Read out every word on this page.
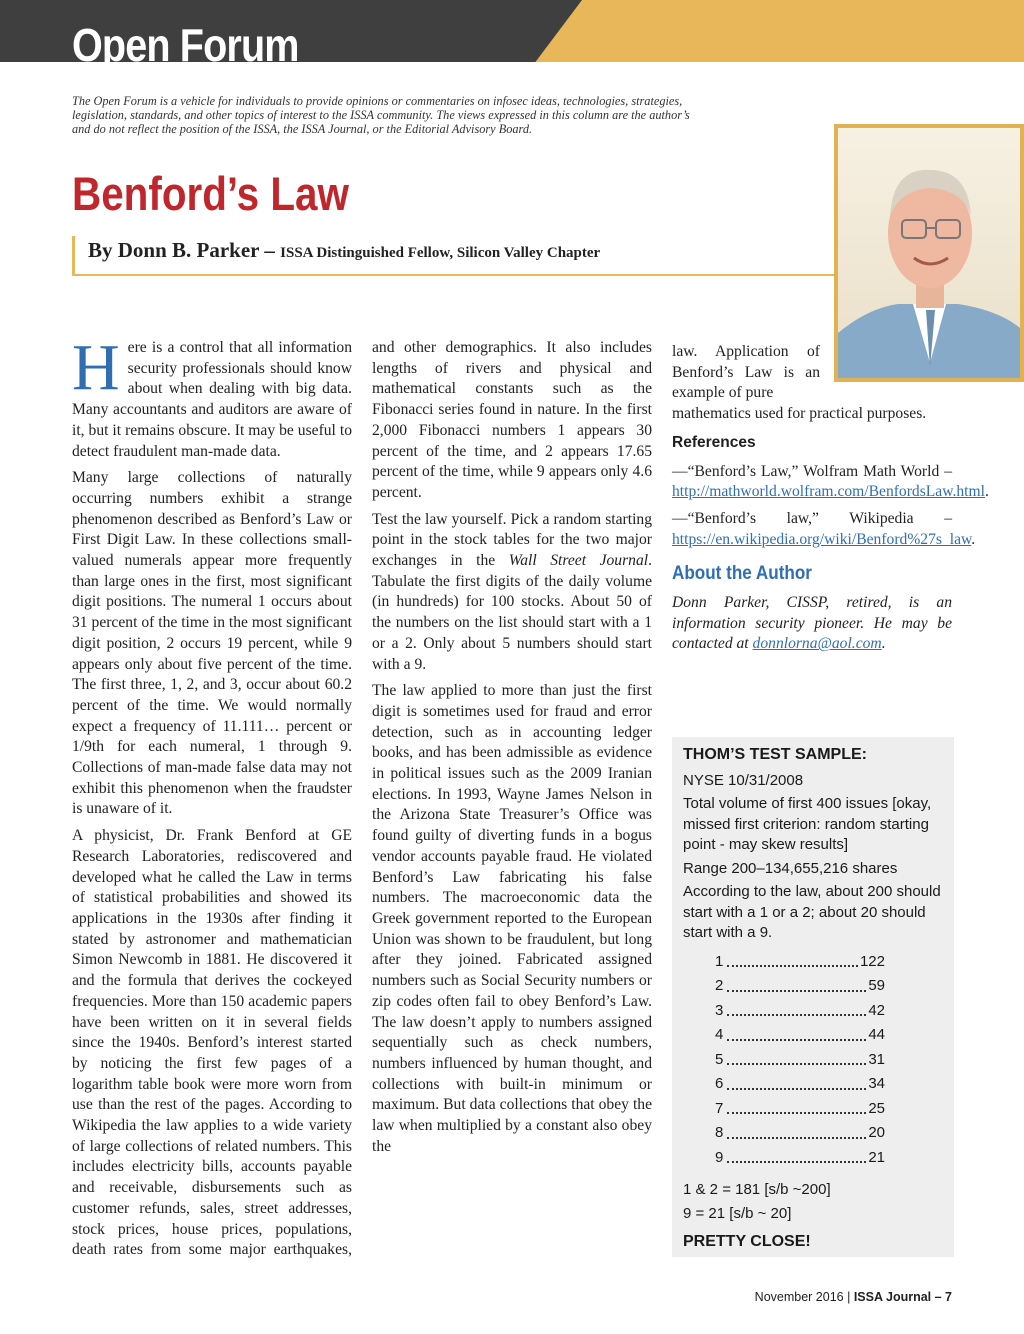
Open Forum

The Open Forum is a vehicle for individuals to provide opinions or commentaries on infosec ideas, technologies, strategies, legislation, standards, and other topics of interest to the ISSA community. The views expressed in this column are the author’s and do not reflect the position of the ISSA, the ISSA Journal, or the Editorial Advisory Board.

Benford’s Law
By Donn B. Parker – ISSA Distinguished Fellow, Silicon Valley Chapter

Here is a control that all information security professionals should know about when dealing with big data. Many accountants and auditors are aware of it, but it remains obscure. It may be useful to detect fraudulent man-made data.

Many large collections of naturally occurring numbers exhibit a strange phenomenon described as Benford’s Law or First Digit Law. In these collections small-valued numerals appear more frequently than large ones in the first, most significant digit positions. The numeral 1 occurs about 31 percent of the time in the most significant digit position, 2 occurs 19 percent, while 9 appears only about five percent of the time. The first three, 1, 2, and 3, occur about 60.2 percent of the time. We would normally expect a frequency of 11.111… percent or 1/9th for each numeral, 1 through 9. Collections of man-made false data may not exhibit this phenomenon when the fraudster is unaware of it.

A physicist, Dr. Frank Benford at GE Research Laboratories, rediscovered and developed what he called the Law in terms of statistical probabilities and showed its applications in the 1930s after finding it stated by astronomer and mathematician Simon Newcomb in 1881. He discovered it and the formula that derives the cockeyed frequencies. More than 150 academic papers have been written on it in several fields since the 1940s. Benford’s interest started by noticing the first few pages of a logarithm table book were more worn from use than the rest of the pages. According to Wikipedia the law applies to a wide variety of large collections of related numbers. This includes electricity bills, accounts payable and receivable, disbursements such as customer refunds, sales, street addresses, stock prices, house prices, populations, death rates from some major earthquakes, and other demographics. It also includes lengths of rivers and physical and mathematical constants such as the Fibonacci series found in nature. In the first 2,000 Fibonacci numbers 1 appears 30 percent of the time, and 2 appears 17.65 percent of the time, while 9 appears only 4.6 percent.

Test the law yourself. Pick a random starting point in the stock tables for the two major exchanges in the Wall Street Journal. Tabulate the first digits of the daily volume (in hundreds) for 100 stocks. About 50 of the numbers on the list should start with a 1 or a 2. Only about 5 numbers should start with a 9.

The law applied to more than just the first digit is sometimes used for fraud and error detection, such as in accounting ledger books, and has been admissible as evidence in political issues such as the 2009 Iranian elections. In 1993, Wayne James Nelson in the Arizona State Treasurer’s Office was found guilty of diverting funds in a bogus vendor accounts payable fraud. He violated Benford’s Law fabricating his false numbers. The macroeconomic data the Greek government reported to the European Union was shown to be fraudulent, but long after they joined. Fabricated assigned numbers such as Social Security numbers or zip codes often fail to obey Benford’s Law. The law doesn’t apply to numbers assigned sequentially such as check numbers, numbers influenced by human thought, and collections with built-in minimum or maximum. But data collections that obey the law when multiplied by a constant also obey the

law. Application of Benford’s Law is an example of pure
mathematics used for practical purposes.

References

—“Benford’s Law,” Wolfram Math World – http://mathworld.wolfram.com/BenfordsLaw.html.

—“Benford’s law,” Wikipedia – https://en.wikipedia.org/wiki/Benford%27s_law.

About the Author

Donn Parker, CISSP, retired, is an information security pioneer. He may be contacted at donnlorna@aol.com.

THOM’S TEST SAMPLE:

NYSE 10/31/2008

Total volume of first 400 issues [okay, missed first criterion: random starting point - may skew results]

Range 200–134,655,216 shares

According to the law, about 200 should start with a 1 or a 2; about 20 should start with a 9.

1	122
2	59
3	42
4	44
5	31
6	34
7	25
8	20
9	21

1 & 2 = 181 [s/b ~200]

9 = 21 [s/b ~ 20]

PRETTY CLOSE!

November 2016 | ISSA Journal – 7
